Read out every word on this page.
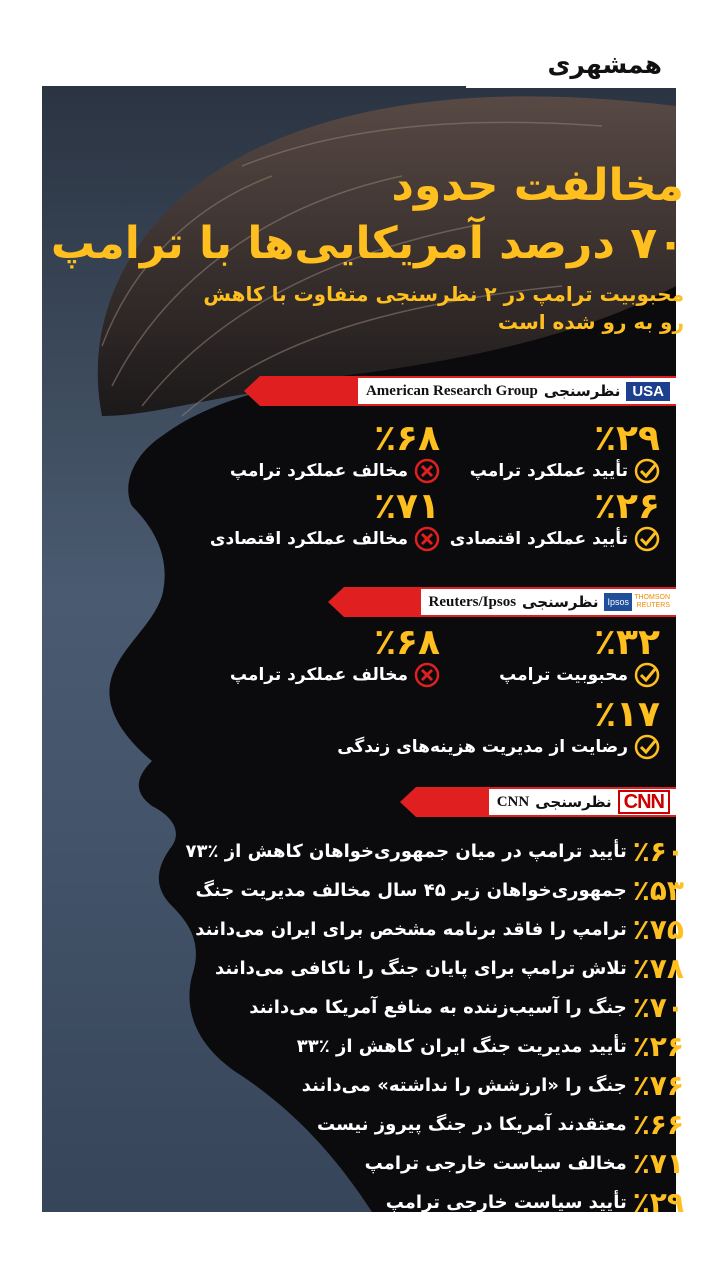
همشهری
مخالفت حدود
۷۰ درصد آمریکایی‌ها با ترامپ
محبوبیت ترامپ در ۲ نظرسنجی متفاوت با کاهش
رو به رو شده است
USA
نظرسنجی
American Research Group
٪۲۹
تأیید عملکرد ترامپ
٪۶۸
مخالف عملکرد ترامپ
٪۲۶
تأیید عملکرد اقتصادی
٪۷۱
مخالف عملکرد اقتصادی
THOMSON REUTERS
Ipsos
نظرسنجی
Reuters/Ipsos
٪۳۲
محبوبیت ترامپ
٪۶۸
مخالف عملکرد ترامپ
٪۱۷
رضایت از مدیریت هزینه‌های زندگی
CNN
نظرسنجی
CNN
٪۶۰
تأیید ترامپ در میان جمهوری‌خواهان کاهش از ٪۷۳
٪۵۳
جمهوری‌خواهان زیر ۴۵ سال مخالف مدیریت جنگ
٪۷۵
ترامپ را فاقد برنامه مشخص برای ایران می‌دانند
٪۷۸
تلاش ترامپ برای پایان جنگ را ناکافی می‌دانند
٪۷۰
جنگ را آسیب‌زننده به منافع آمریکا می‌دانند
٪۲۶
تأیید مدیریت جنگ ایران کاهش از ٪۳۳
٪۷۶
جنگ را «ارزشش را نداشته» می‌دانند
٪۶۶
معتقدند آمریکا در جنگ پیروز نیست
٪۷۱
مخالف سیاست خارجی ترامپ
٪۲۹
تأیید سیاست خارجی ترامپ
